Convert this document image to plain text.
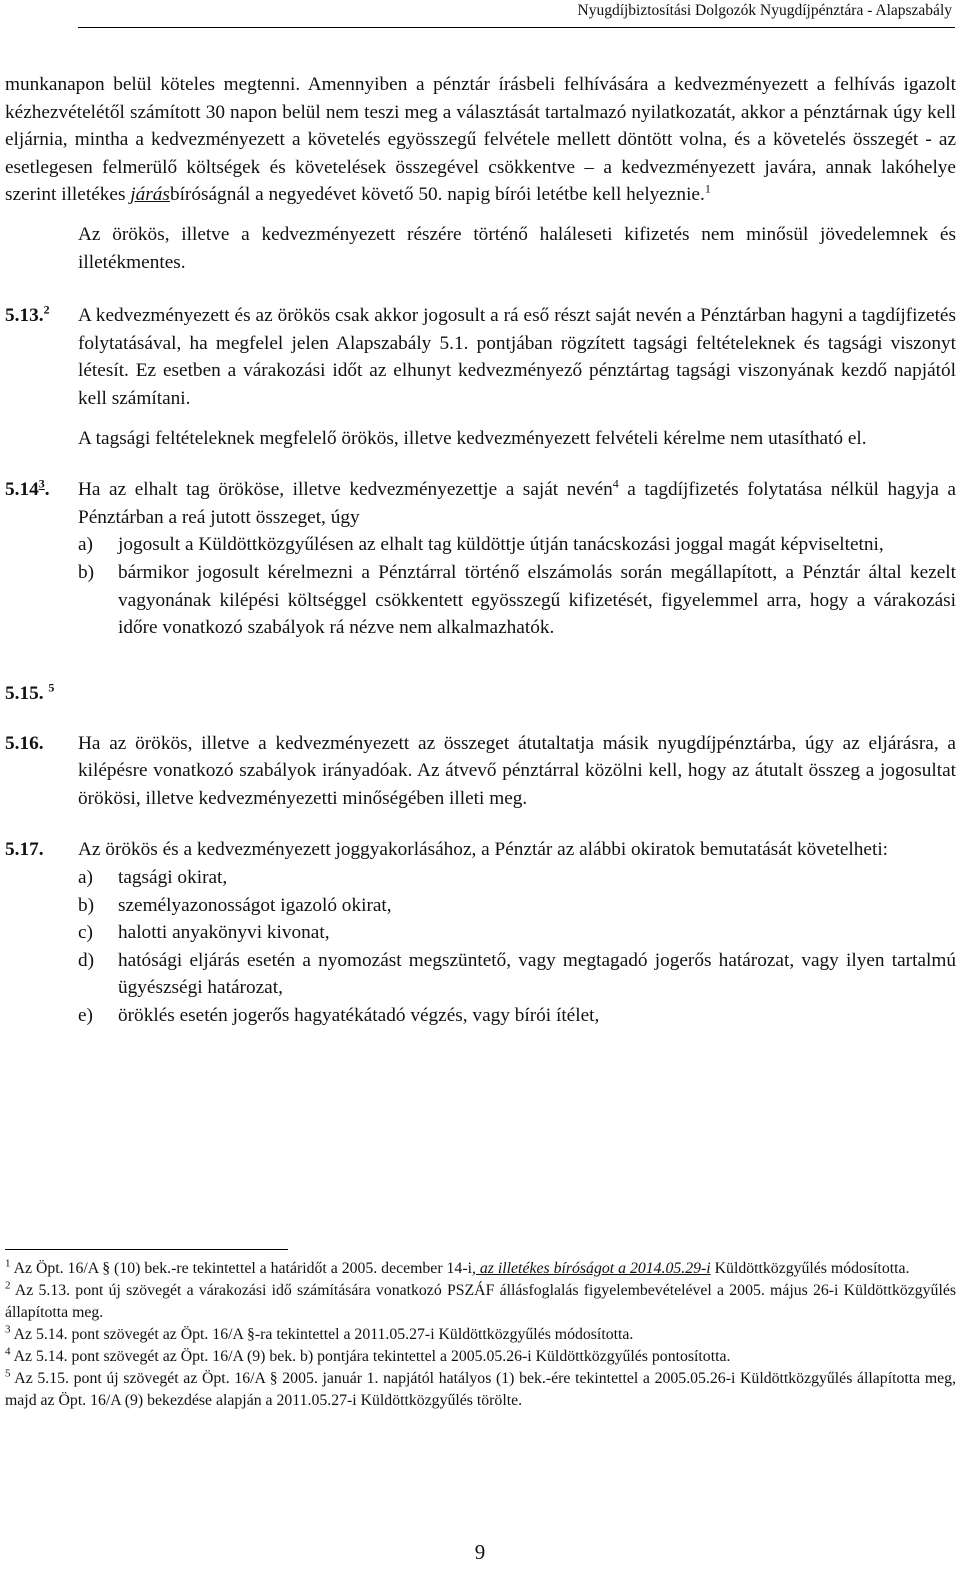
Nyugdíjbiztosítási Dolgozók Nyugdíjpénztára - Alapszabály

munkanapon belül köteles megtenni. Amennyiben a pénztár írásbeli felhívására a kedvezményezett a felhívás igazolt kézhezvételétől számított 30 napon belül nem teszi meg a választását tartalmazó nyilatkozatát, akkor a pénztárnak úgy kell eljárnia, mintha a kedvezményezett a követelés egyösszegű felvétele mellett döntött volna, és a követelés összegét - az esetlegesen felmerülő költségek és követelések összegével csökkentve – a kedvezményezett javára, annak lakóhelye szerint illetékes járásbíróságnál a negyedévet követő 50. napig bírói letétbe kell helyeznie.$^1$

Az örökös, illetve a kedvezményezett részére történő haláleseti kifizetés nem minősül jövedelemnek és illetékmentes.

5.13.$^2$ A kedvezményezett és az örökös csak akkor jogosult a rá eső részt saját nevén a Pénztárban hagyni a tagdíjfizetés folytatásával, ha megfelel jelen Alapszabály 5.1. pontjában rögzített tagsági feltételeknek és tagsági viszonyt létesít. Ez esetben a várakozási időt az elhunyt kedvezményező pénztártag tagsági viszonyának kezdő napjától kell számítani.

A tagsági feltételeknek megfelelő örökös, illetve kedvezményezett felvételi kérelme nem utasítható el.

5.14$^3$. Ha az elhalt tag örököse, illetve kedvezményezettje a saját nevén$^4$ a tagdíjfizetés folytatása nélkül hagyja a Pénztárban a reá jutott összeget, úgy

a)	jogosult a Küldöttközgyűlésen az elhalt tag küldöttje útján tanácskozási joggal magát képviseltetni,
b)	bármikor jogosult kérelmezni a Pénztárral történő elszámolás során megállapított, a Pénztár által kezelt vagyonának kilépési költséggel csökkentett egyösszegű kifizetését, figyelemmel arra, hogy a várakozási időre vonatkozó szabályok rá nézve nem alkalmazhatók.
5.15. $^5$
5.16. Ha az örökös, illetve a kedvezményezett az összeget átutaltatja másik nyugdíjpénztárba, úgy az eljárásra, a kilépésre vonatkozó szabályok irányadóak. Az átvevő pénztárral közölni kell, hogy az átutalt összeg a jogosultat örökösi, illetve kedvezményezetti minőségében illeti meg.

5.17. Az örökös és a kedvezményezett joggyakorlásához, a Pénztár az alábbi okiratok bemutatását követelheti:

a)	tagsági okirat,
b)	személyazonosságot igazoló okirat,
c)	halotti anyakönyvi kivonat,
d)	hatósági eljárás esetén a nyomozást megszüntető, vagy megtagadó jogerős határozat, vagy ilyen tartalmú ügyészségi határozat,
e)	öröklés esetén jogerős hagyatékátadó végzés, vagy bírói ítélet,

$^1$ Az Öpt. 16/A § (10) bek.-re tekintettel a határidőt a 2005. december 14-i, az illetékes bíróságot a 2014.05.29-i Küldöttközgyűlés módosította.

$^2$ Az 5.13. pont új szövegét a várakozási idő számítására vonatkozó PSZÁF állásfoglalás figyelembevételével a 2005. május 26-i Küldöttközgyűlés állapította meg.

$^3$ Az 5.14. pont szövegét az Öpt. 16/A §-ra tekintettel a 2011.05.27-i Küldöttközgyűlés módosította.

$^4$ Az 5.14. pont szövegét az Öpt. 16/A (9) bek. b) pontjára tekintettel a 2005.05.26-i Küldöttközgyűlés pontosította.

$^5$ Az 5.15. pont új szövegét az Öpt. 16/A § 2005. január 1. napjától hatályos (1) bek.-ére tekintettel a 2005.05.26-i Küldöttközgyűlés állapította meg, majd az Öpt. 16/A (9) bekezdése alapján a 2011.05.27-i Küldöttközgyűlés törölte.

9
